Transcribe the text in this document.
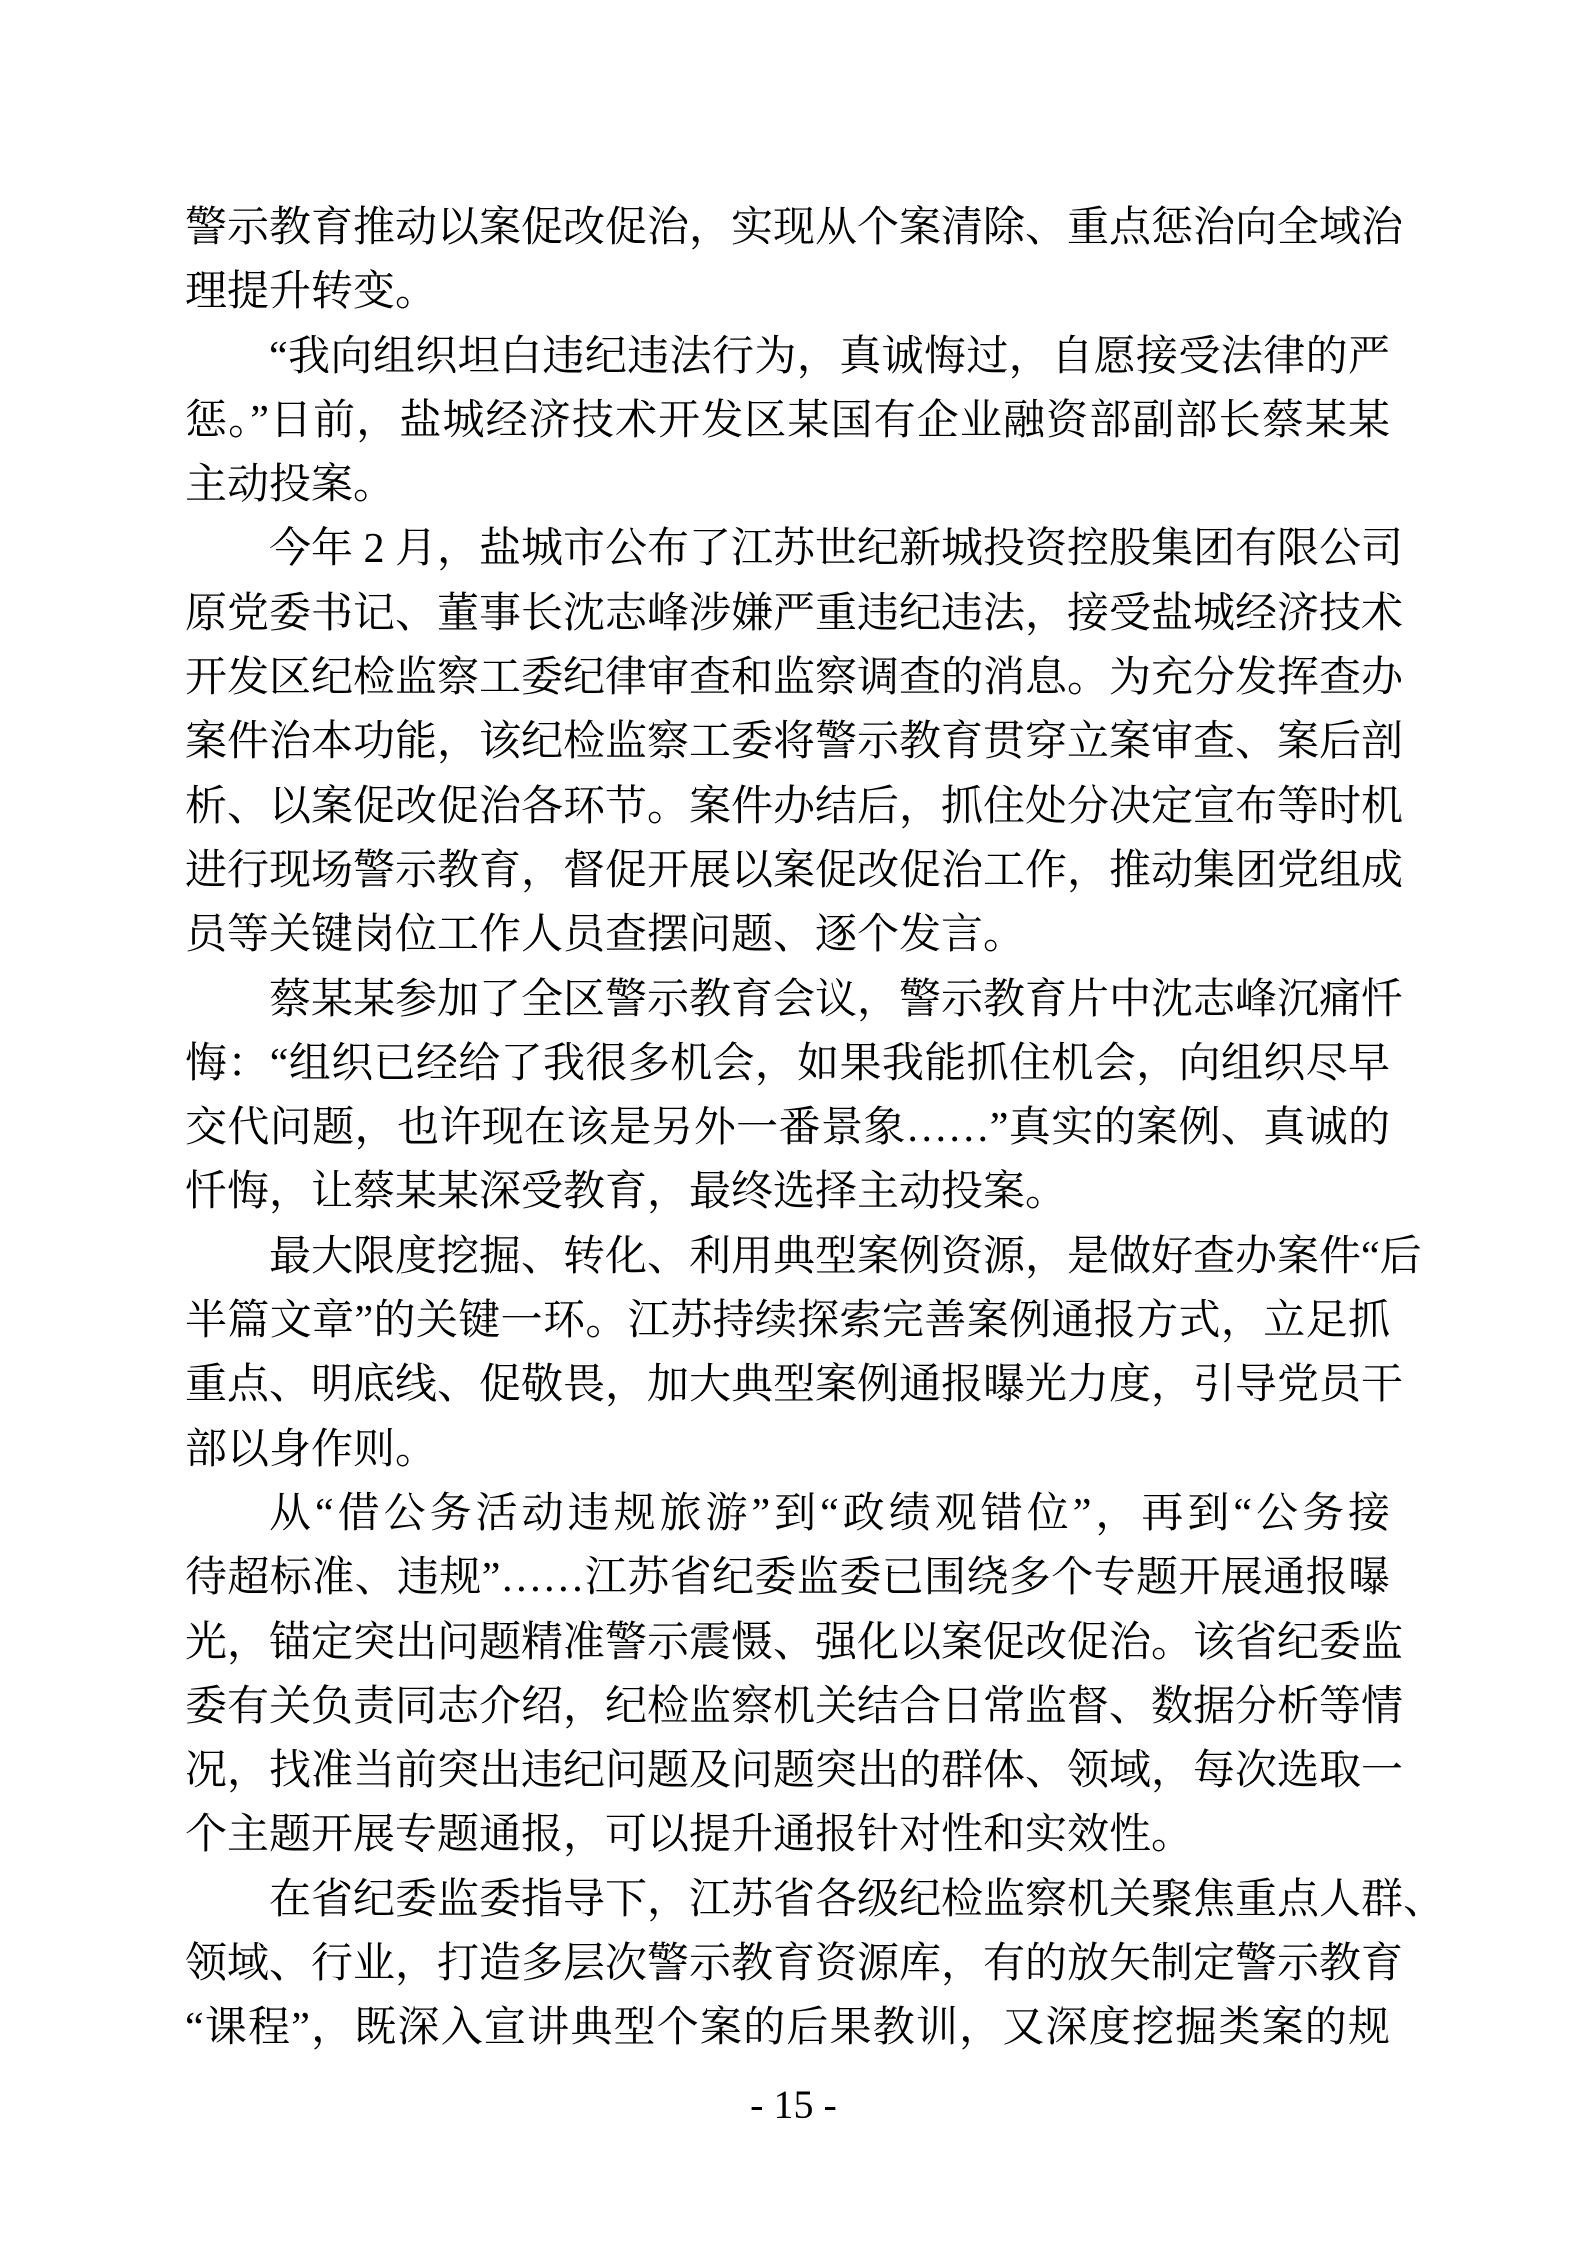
警示教育推动以案促改促治，实现从个案清除、重点惩治向全域治
理提升转变。
“我向组织坦白违纪违法行为，真诚悔过，自愿接受法律的严
惩。”日前，盐城经济技术开发区某国有企业融资部副部长蔡某某
主动投案。
今年 2 月，盐城市公布了江苏世纪新城投资控股集团有限公司
原党委书记、董事长沈志峰涉嫌严重违纪违法，接受盐城经济技术
开发区纪检监察工委纪律审查和监察调查的消息。为充分发挥查办
案件治本功能，该纪检监察工委将警示教育贯穿立案审查、案后剖
析、以案促改促治各环节。案件办结后，抓住处分决定宣布等时机
进行现场警示教育，督促开展以案促改促治工作，推动集团党组成
员等关键岗位工作人员查摆问题、逐个发言。
蔡某某参加了全区警示教育会议，警示教育片中沈志峰沉痛忏
悔：“组织已经给了我很多机会，如果我能抓住机会，向组织尽早
交代问题，也许现在该是另外一番景象……”真实的案例、真诚的
忏悔，让蔡某某深受教育，最终选择主动投案。
最大限度挖掘、转化、利用典型案例资源，是做好查办案件“后
半篇文章”的关键一环。江苏持续探索完善案例通报方式，立足抓
重点、明底线、促敬畏，加大典型案例通报曝光力度，引导党员干
部以身作则。
从“借公务活动违规旅游”到“政绩观错位”，再到“公务接
待超标准、违规”……江苏省纪委监委已围绕多个专题开展通报曝
光，锚定突出问题精准警示震慑、强化以案促改促治。该省纪委监
委有关负责同志介绍，纪检监察机关结合日常监督、数据分析等情
况，找准当前突出违纪问题及问题突出的群体、领域，每次选取一
个主题开展专题通报，可以提升通报针对性和实效性。
在省纪委监委指导下，江苏省各级纪检监察机关聚焦重点人群、
领域、行业，打造多层次警示教育资源库，有的放矢制定警示教育
“课程”，既深入宣讲典型个案的后果教训，又深度挖掘类案的规
- 15 -
